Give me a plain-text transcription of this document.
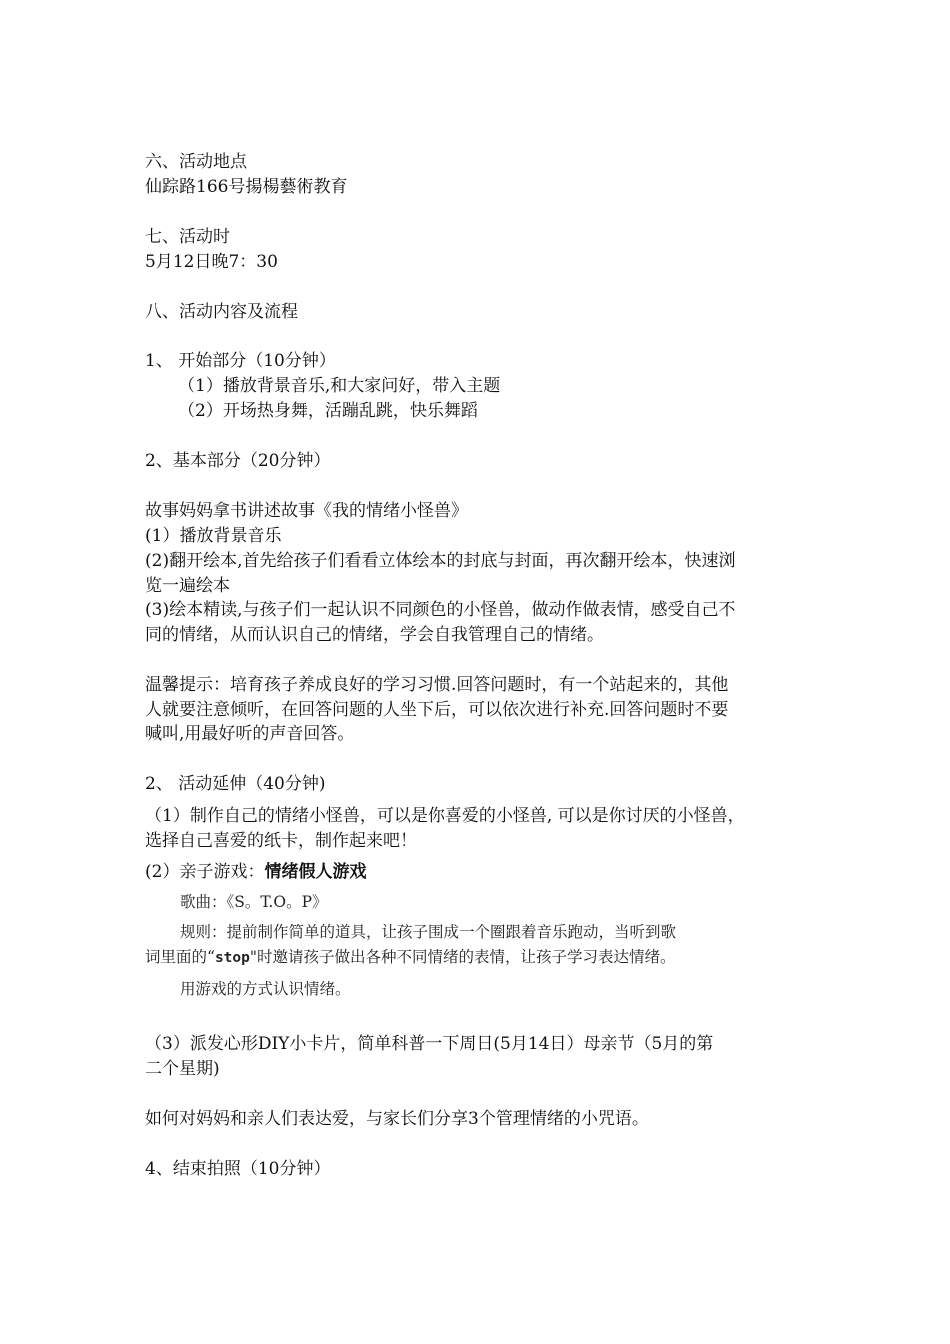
六、活动地点
仙踪路166号揚楊藝術教育
七、活动时
5月12日晚7：30
八、活动内容及流程
1、 开始部分（10分钟）
（1）播放背景音乐,和大家问好，带入主题
（2）开场热身舞，活蹦乱跳，快乐舞蹈
2、基本部分（20分钟）
故事妈妈拿书讲述故事《我的情绪小怪兽》
(1）播放背景音乐
(2)翻开绘本,首先给孩子们看看立体绘本的封底与封面，再次翻开绘本，快速浏
览一遍绘本
(3)绘本精读,与孩子们一起认识不同颜色的小怪兽，做动作做表情，感受自己不
同的情绪，从而认识自己的情绪，学会自我管理自己的情绪。
温馨提示：培育孩子养成良好的学习习惯.回答问题时，有一个站起来的，其他
人就要注意倾听，在回答问题的人坐下后，可以依次进行补充.回答问题时不要
喊叫,用最好听的声音回答。
2、 活动延伸（40分钟)
（1）制作自己的情绪小怪兽，可以是你喜爱的小怪兽, 可以是你讨厌的小怪兽，
选择自己喜爱的纸卡，制作起来吧！
(2）亲子游戏：情绪假人游戏
歌曲：《S。T.O。P》
规则：提前制作简单的道具，让孩子围成一个圈跟着音乐跑动，当听到歌
词里面的“stop"时邀请孩子做出各种不同情绪的表情，让孩子学习表达情绪。
用游戏的方式认识情绪。
（3）派发心形DIY小卡片，简单科普一下周日(5月14日）母亲节（5月的第
二个星期)
如何对妈妈和亲人们表达爱，与家长们分享3个管理情绪的小咒语。
4、结束拍照（10分钟）
